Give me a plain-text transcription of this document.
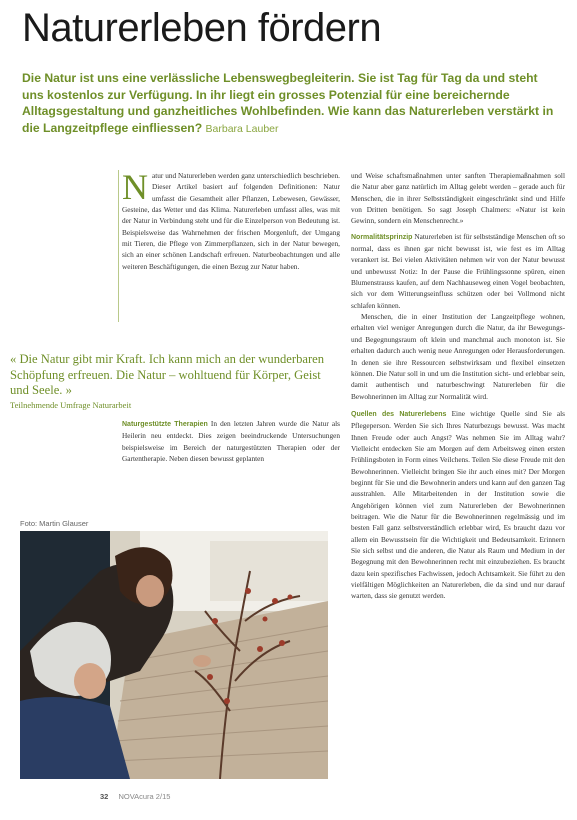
Naturerleben fördern
Die Natur ist uns eine verlässliche Lebenswegbegleiterin. Sie ist Tag für Tag da und steht uns kostenlos zur Verfügung. In ihr liegt ein grosses Potenzial für eine bereichernde Alltagsgestaltung und ganzheitliches Wohlbefinden. Wie kann das Naturerleben verstärkt in die Langzeitpflege einfliessen? Barbara Lauber

Natur und Naturerleben werden ganz unterschiedlich beschrieben. Dieser Artikel basiert auf folgenden Definitionen: Natur umfasst die Gesamtheit aller Pflanzen, Lebewesen, Gewässer, Gesteine, das Wetter und das Klima. Naturerleben umfasst alles, was mit der Natur in Verbindung steht und für die Einzelperson von Bedeutung ist. Beispielsweise das Wahrnehmen der frischen Morgenluft, der Umgang mit Tieren, die Pflege von Zimmerpflanzen, sich in der Natur bewegen, sich an einer schönen Landschaft erfreuen. Naturbeobachtungen und alle weiteren Beschäftigungen, die einen Bezug zur Natur haben.

« Die Natur gibt mir Kraft. Ich kann mich an der wunderbaren Schöpfung erfreuen. Die Natur – wohltuend für Körper, Geist und Seele. »
Teilnehmende Umfrage Naturarbeit

Naturgestützte Therapien In den letzten Jahren wurde die Natur als Heilerin neu entdeckt. Dies zeigen beeindruckende Untersuchungen beispielsweise im Bereich der naturgestützten Therapien oder der Gartentherapie. Neben diesen bewusst geplanten

Foto: Martin Glauser

und Weise schaftsmaßnahmen unter sanften Therapiemaßnahmen soll die Natur aber ganz natürlich im Alltag gelebt werden – gerade auch für Menschen, die in ihrer Selbstständigkeit eingeschränkt sind und Hilfe von Dritten benötigen. So sagt Joseph Chalmers: «Natur ist kein Gewinn, sondern ein Menschenrecht.»

Normalitätsprinzip Naturerleben ist für selbstständige Menschen oft so normal, dass es ihnen gar nicht bewusst ist, wie fest es im Alltag verankert ist. Bei vielen Aktivitäten nehmen wir von der Natur bewusst und unbewusst Notiz: In der Pause die Frühlingssonne spüren, einen Blumenstrauss kaufen, auf dem Nachhauseweg einen Vogel beobachten, sich vor dem Witterungseinfluss schützen oder bei Vollmond nicht schlafen können.

Menschen, die in einer Institution der Langzeitpflege wohnen, erhalten viel weniger Anregungen durch die Natur, da ihr Bewegungs- und Begegnungsraum oft klein und manchmal auch monoton ist. Sie erhalten dadurch auch wenig neue Anregungen oder Herausforderungen. In denen sie ihre Ressourcen selbstwirksam und flexibel einsetzen können. Die Natur soll in und um die Institution sicht- und erlebbar sein, damit authentisch und naturbeschwingt Naturerleben für die Bewohnerinnen im Alltag zur Normalität wird.

Quellen des Naturerlebens Eine wichtige Quelle sind Sie als Pflegeperson. Werden Sie sich Ihres Naturbezugs bewusst. Was macht Ihnen Freude oder auch Angst? Was nehmen Sie im Alltag wahr? Vielleicht entdecken Sie am Morgen auf dem Arbeitsweg einen ersten Frühlingsboten in Form eines Veilchens. Teilen Sie diese Freude mit den Bewohnerinnen. Vielleicht bringen Sie ihr auch eines mit? Der Morgen beginnt für Sie und die Bewohnerin anders und kann auf den ganzen Tag ausstrahlen. Alle Mitarbeitenden in der Institution sowie die Angehörigen können viel zum Naturerleben der Bewohnerinnen beitragen. Wie die Natur für die Bewohnerinnen regelmässig und im besten Fall ganz selbstverständlich erlebbar wird, Es braucht dazu vor allem ein Bewusstsein für die Wichtigkeit und Bedeutsamkeit. Erinnern Sie sich selbst und die anderen, die Natur als Raum und Medium in der Begegnung mit den Bewohnerinnen recht mit einzubeziehen. Es braucht dazu kein spezifisches Fachwissen, jedoch Achtsamkeit. Sie führt zu den vielfältigen Möglichkeiten an Naturerleben, die da sind und nur darauf warten, dass sie genutzt werden.

32 NOVAcura 2/15
